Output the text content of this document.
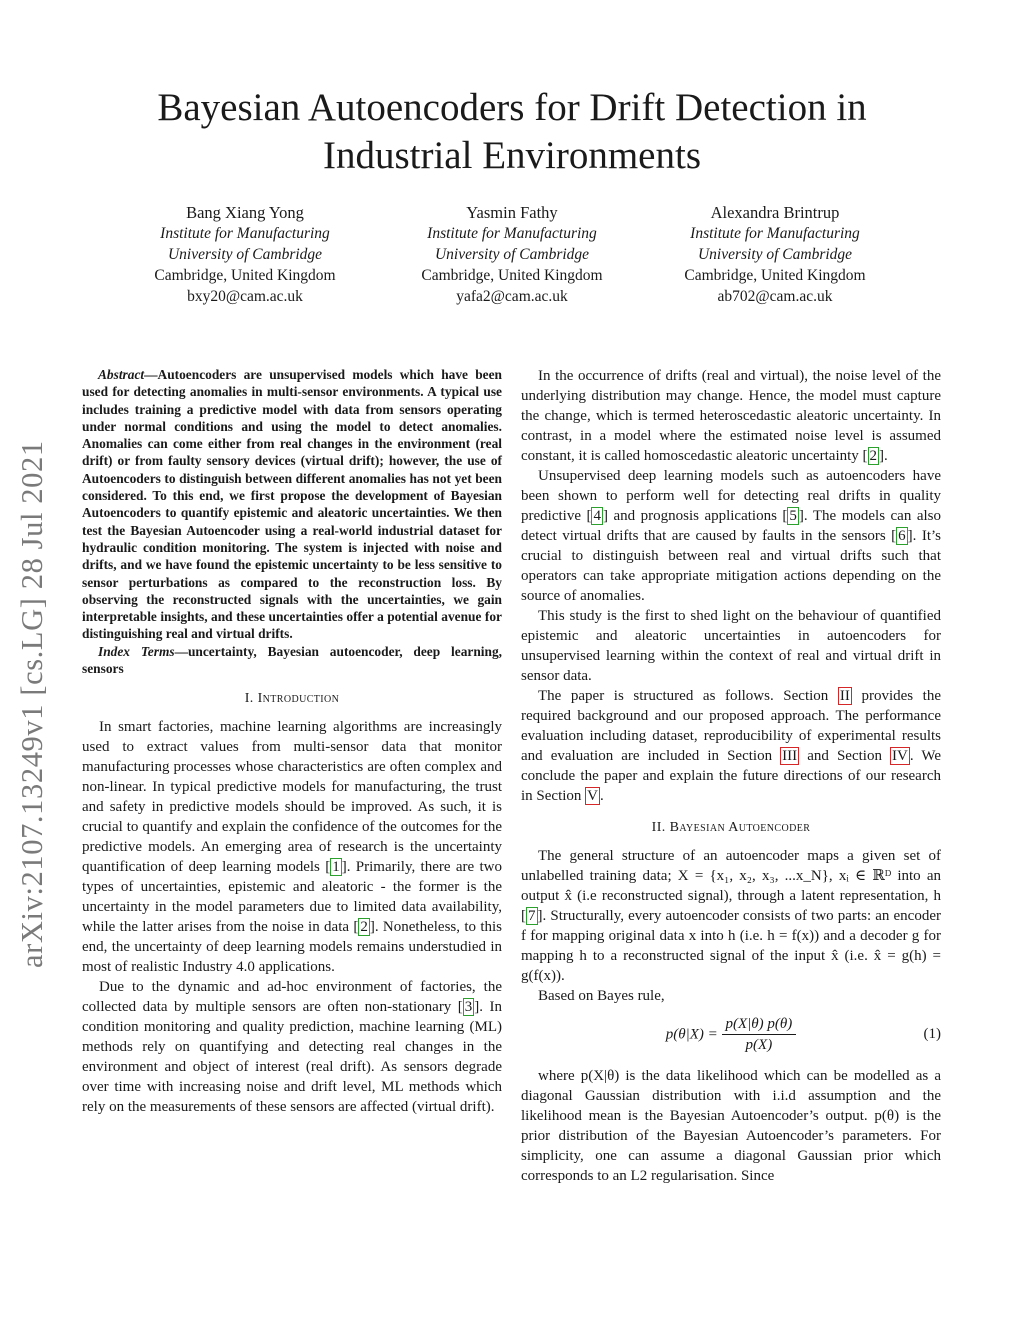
arXiv:2107.13249v1 [cs.LG] 28 Jul 2021
Bayesian Autoencoders for Drift Detection in Industrial Environments
Bang Xiang Yong
Institute for Manufacturing
University of Cambridge
Cambridge, United Kingdom
bxy20@cam.ac.uk
Yasmin Fathy
Institute for Manufacturing
University of Cambridge
Cambridge, United Kingdom
yafa2@cam.ac.uk
Alexandra Brintrup
Institute for Manufacturing
University of Cambridge
Cambridge, United Kingdom
ab702@cam.ac.uk
Abstract—Autoencoders are unsupervised models which have been used for detecting anomalies in multi-sensor environments. A typical use includes training a predictive model with data from sensors operating under normal conditions and using the model to detect anomalies. Anomalies can come either from real changes in the environment (real drift) or from faulty sensory devices (virtual drift); however, the use of Autoencoders to distinguish between different anomalies has not yet been considered. To this end, we first propose the development of Bayesian Autoencoders to quantify epistemic and aleatoric uncertainties. We then test the Bayesian Autoencoder using a real-world industrial dataset for hydraulic condition monitoring. The system is injected with noise and drifts, and we have found the epistemic uncertainty to be less sensitive to sensor perturbations as compared to the reconstruction loss. By observing the reconstructed signals with the uncertainties, we gain interpretable insights, and these uncertainties offer a potential avenue for distinguishing real and virtual drifts.
Index Terms—uncertainty, Bayesian autoencoder, deep learning, sensors
I. Introduction

In smart factories, machine learning algorithms are increasingly used to extract values from multi-sensor data that monitor manufacturing processes whose characteristics are often complex and non-linear. In typical predictive models for manufacturing, the trust and safety in predictive models should be improved. As such, it is crucial to quantify and explain the confidence of the outcomes for the predictive models. An emerging area of research is the uncertainty quantification of deep learning models [ 1 ]. Primarily, there are two types of uncertainties, epistemic and aleatoric - the former is the uncertainty in the model parameters due to limited data availability, while the latter arises from the noise in data [ 2 ]. Nonetheless, to this end, the uncertainty of deep learning models remains understudied in most of realistic Industry 4.0 applications.

Due to the dynamic and ad-hoc environment of factories, the collected data by multiple sensors are often non-stationary [ 3 ]. In condition monitoring and quality prediction, machine learning (ML) methods rely on quantifying and detecting real changes in the environment and object of interest (real drift). As sensors degrade over time with increasing noise and drift level, ML methods which rely on the measurements of these sensors are affected (virtual drift).

In the occurrence of drifts (real and virtual), the noise level of the underlying distribution may change. Hence, the model must capture the change, which is termed heteroscedastic aleatoric uncertainty. In contrast, in a model where the estimated noise level is assumed constant, it is called homoscedastic aleatoric uncertainty [ 2 ].

Unsupervised deep learning models such as autoencoders have been shown to perform well for detecting real drifts in quality predictive [ 4 ] and prognosis applications [ 5 ]. The models can also detect virtual drifts that are caused by faults in the sensors [ 6 ]. It’s crucial to distinguish between real and virtual drifts such that operators can take appropriate mitigation actions depending on the source of anomalies.

This study is the first to shed light on the behaviour of quantified epistemic and aleatoric uncertainties in autoencoders for unsupervised learning within the context of real and virtual drift in sensor data.

The paper is structured as follows. Section II provides the required background and our proposed approach. The performance evaluation including dataset, reproducibility of experimental results and evaluation are included in Section III and Section IV . We conclude the paper and explain the future directions of our research in Section V .

II. Bayesian Autoencoder

The general structure of an autoencoder maps a given set of unlabelled training data; X = {x₁, x₂, x₃, ...x_N}, xᵢ ∈ ℝᴰ into an output x̂ (i.e reconstructed signal), through a latent representation, h [ 7 ]. Structurally, every autoencoder consists of two parts: an encoder f for mapping original data x into h (i.e. h = f(x)) and a decoder g for mapping h to a reconstructed signal of the input x̂ (i.e. x̂ = g(h) = g(f(x)).

Based on Bayes rule,

$p(\theta|X) = \frac{p(X|\theta) p(\theta)}{p(X)}$	(1)

where p(X|θ) is the data likelihood which can be modelled as a diagonal Gaussian distribution with i.i.d assumption and the likelihood mean is the Bayesian Autoencoder’s output. p(θ) is the prior distribution of the Bayesian Autoencoder’s parameters. For simplicity, one can assume a diagonal Gaussian prior which corresponds to an L2 regularisation. Since
